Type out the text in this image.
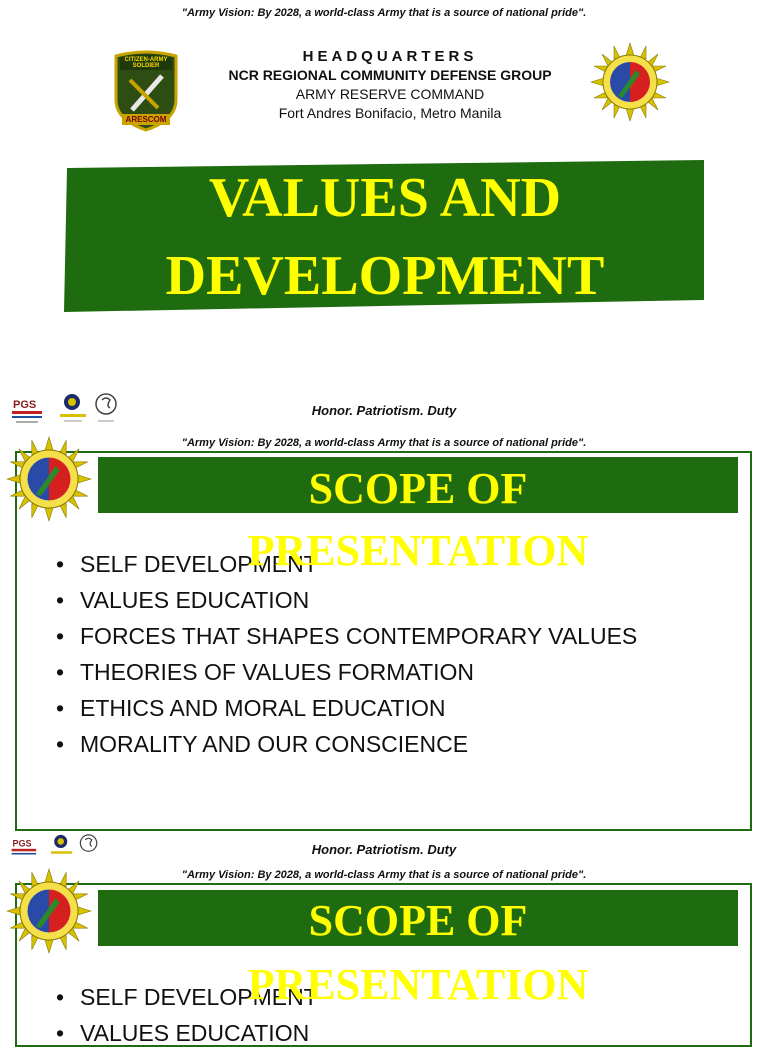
"Army Vision: By 2028, a world-class Army that is a source of national pride".
CITIZEN-ARMY SOLDIER
ARESCOM
HEADQUARTERS
NCR REGIONAL COMMUNITY DEFENSE GROUP
ARMY RESERVE COMMAND
Fort Andres Bonifacio, Metro Manila
VALUES AND
DEVELOPMENT
PGS	Honor. Patriotism. Duty
"Army Vision: By 2028, a world-class Army that is a source of national pride".
• SELF DEVELOPMENT
• VALUES EDUCATION
• FORCES THAT SHAPES CONTEMPORARY VALUES
• THEORIES OF VALUES FORMATION
• ETHICS AND MORAL EDUCATION
• MORALITY AND OUR CONSCIENCE
SCOPE OF
PRESENTATION
PGS	Honor. Patriotism. Duty
"Army Vision: By 2028, a world-class Army that is a source of national pride".
• SELF DEVELOPMENT
• VALUES EDUCATION
SCOPE OF
PRESENTATION
